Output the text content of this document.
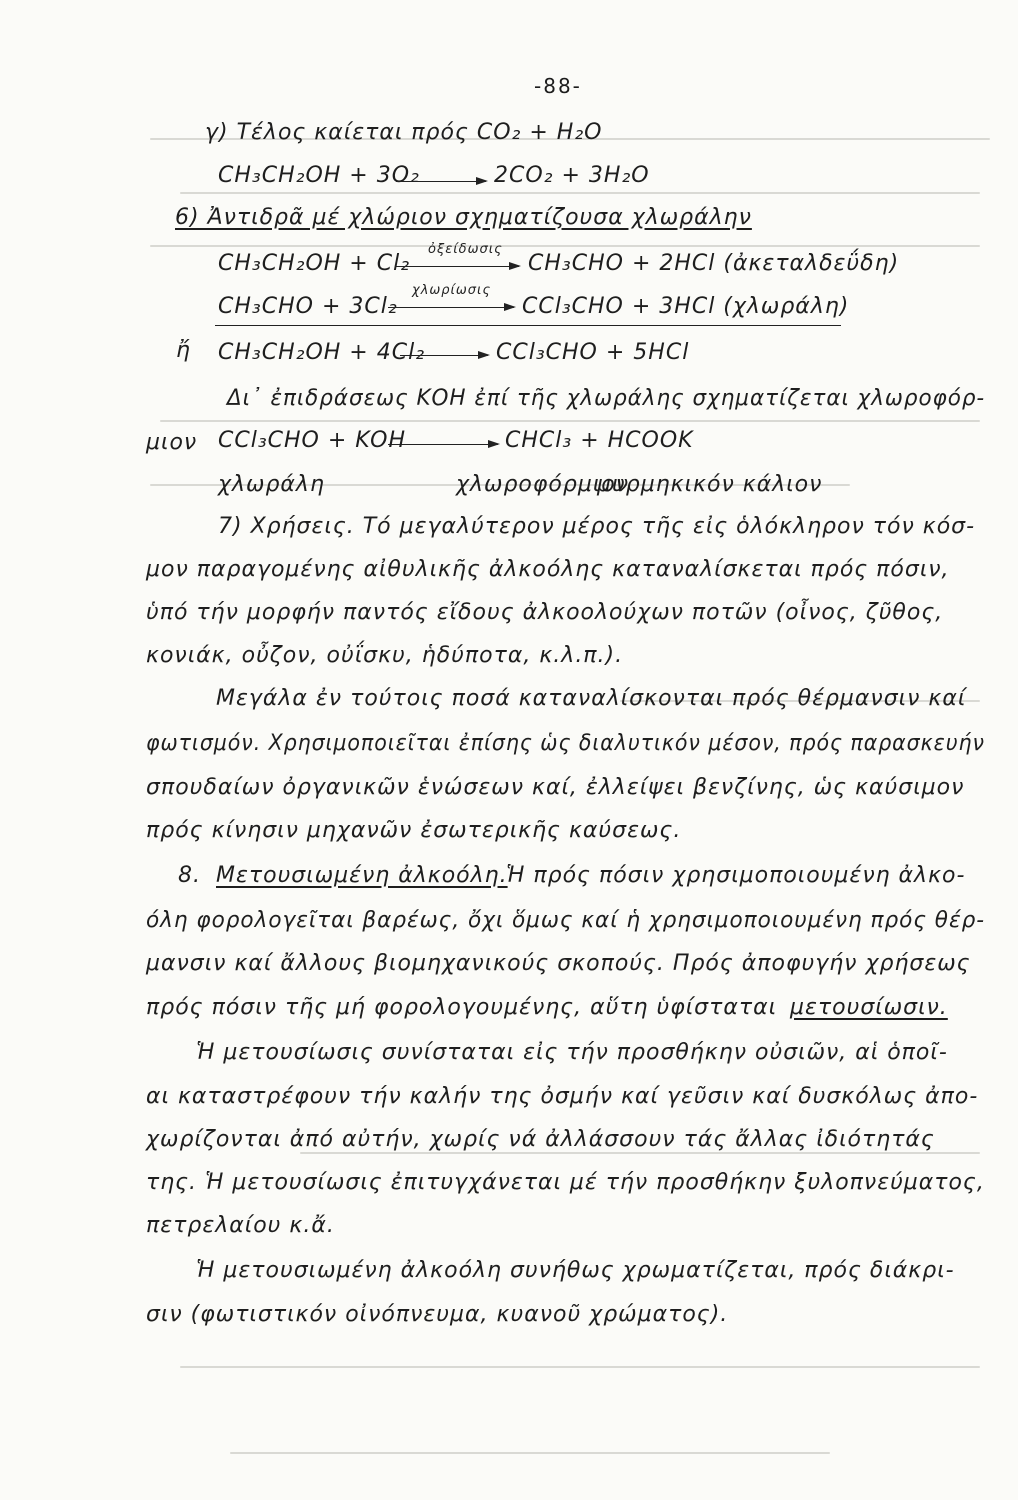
-88-
γ) Τέλος καίεται πρός CO₂ + H₂O
CH₃CH₂OH + 3O₂	2CO₂ + 3H₂O
6) Ἀντιδρᾶ μέ χλώριον σχηματίζουσα χλωράλην
ὀξείδωσις
CH₃CH₂OH + Cl₂	CH₃CHO + 2HCl (ἀκεταλδεΰδη)
χλωρίωσις
CH₃CHO + 3Cl₂	CCl₃CHO + 3HCl (χλωράλη)
ἤ CH₃CH₂OH + 4Cl₂	CCl₃CHO + 5HCl
Δι᾽ ἐπιδράσεως ΚΟΗ ἐπί τῆς χλωράλης σχηματίζεται χλωροφόρ-
μιον CCl₃CHO + KOH	CHCl₃ + HCOOK
χλωράλη	χλωροφόρμιον
μυρμηκικόν κάλιον
7) Χρήσεις. Τό μεγαλύτερον μέρος τῆς εἰς ὁλόκληρον τόν κόσ-
μον παραγομένης αἰθυλικῆς ἀλκοόλης καταναλίσκεται πρός πόσιν,
ὑπό τήν μορφήν παντός εἴδους ἀλκοολούχων ποτῶν (οἶνος, ζῦθος,
κονιάκ, οὖζον, οὐΐσκυ, ἡδύποτα, κ.λ.π.).
Μεγάλα ἐν τούτοις ποσά καταναλίσκονται πρός θέρμανσιν καί
φωτισμόν. Χρησιμοποιεῖται ἐπίσης ὡς διαλυτικόν μέσον, πρός παρασκευήν
σπουδαίων ὀργανικῶν ἑνώσεων καί, ἐλλείψει βενζίνης, ὡς καύσιμον
πρός κίνησιν μηχανῶν ἐσωτερικῆς καύσεως.
8. Μετουσιωμένη ἀλκοόλη.
Ἡ πρός πόσιν χρησιμοποιουμένη ἀλκο-
όλη φορολογεῖται βαρέως, ὄχι ὅμως καί ἡ χρησιμοποιουμένη πρός θέρ-
μανσιν καί ἄλλους βιομηχανικούς σκοπούς. Πρός ἀποφυγήν χρήσεως
πρός πόσιν τῆς μή φορολογουμένης, αὕτη ὑφίσταται μετουσίωσιν.
Ἡ μετουσίωσις συνίσταται εἰς τήν προσθήκην οὐσιῶν, αἱ ὁποῖ-
αι καταστρέφουν τήν καλήν της ὀσμήν καί γεῦσιν καί δυσκόλως ἀπο-
χωρίζονται ἀπό αὐτήν, χωρίς νά ἀλλάσσουν τάς ἄλλας ἰδιότητάς
της. Ἡ μετουσίωσις ἐπιτυγχάνεται μέ τήν προσθήκην ξυλοπνεύματος,
πετρελαίου κ.ἄ.
Ἡ μετουσιωμένη ἀλκοόλη συνήθως χρωματίζεται, πρός διάκρι-
σιν (φωτιστικόν οἰνόπνευμα, κυανοῦ χρώματος).
